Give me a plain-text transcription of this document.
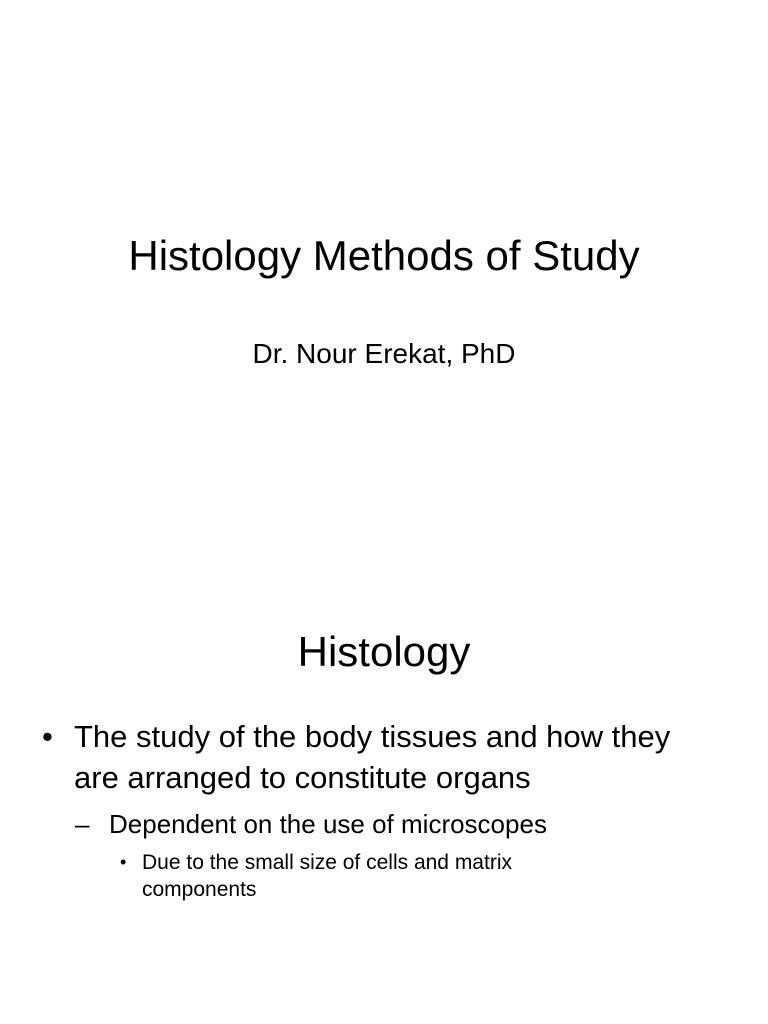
Histology Methods of Study
Dr. Nour Erekat, PhD
Histology
• The study of the body tissues and how they are arranged to constitute organs
– Dependent on the use of microscopes
• Due to the small size of cells and matrix components
